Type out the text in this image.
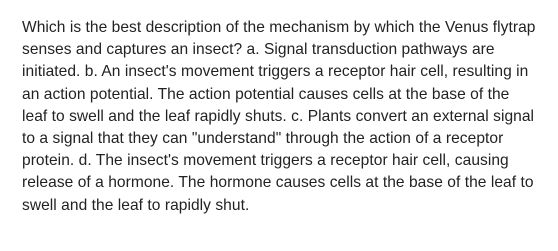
Which is the best description of the mechanism by which the Venus flytrap senses and captures an insect? a. Signal transduction pathways are initiated. b. An insect's movement triggers a receptor hair cell, resulting in an action potential. The action potential causes cells at the base of the leaf to swell and the leaf rapidly shuts. c. Plants convert an external signal to a signal that they can "understand" through the action of a receptor protein. d. The insect's movement triggers a receptor hair cell, causing release of a hormone. The hormone causes cells at the base of the leaf to swell and the leaf to rapidly shut.
